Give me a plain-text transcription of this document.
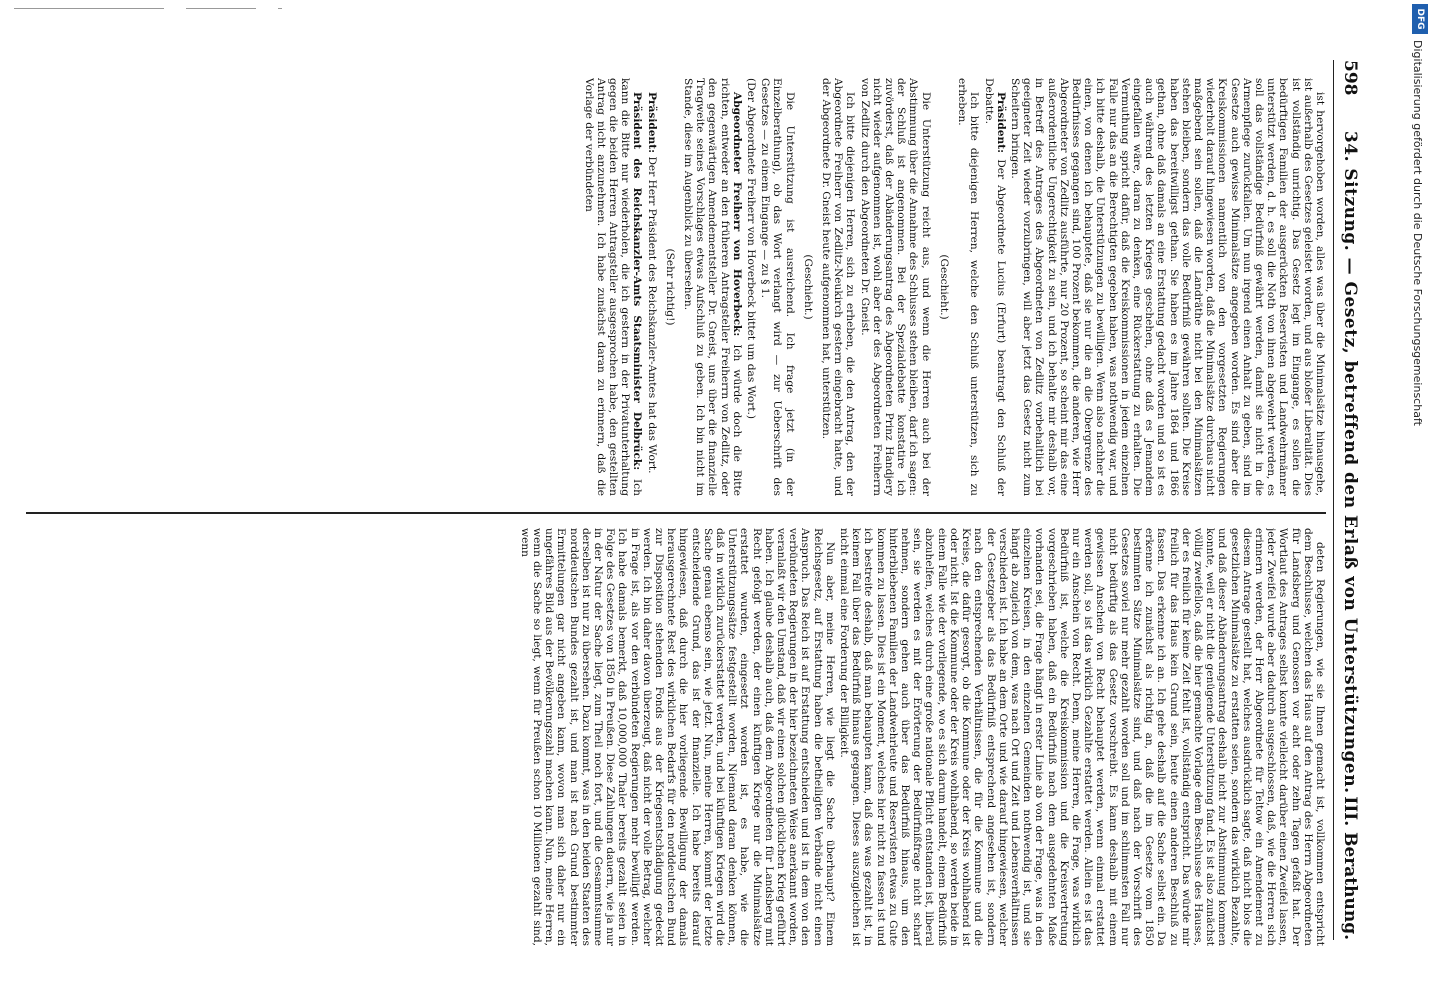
598 34. Sitzung. — Gesetz, betreffend den Erlaß von Unterstützungen.
III. Berathung.

ist hervorgehoben worden, alles was über die Minimalsätze hinausgehe, ist außerhalb des Gesetzes geleistet worden, und aus bloßer Liberalität. Dies ist vollständig unrichtig. Das Gesetz legt im Eingange, es sollen die bedürftigen Familien der ausgerückten Reservisten und Landwehrmänner unterstützt werden, d. h. es soll die Noth von ihnen abgewehrt werden, es soll das vollständige Bedürfniß gewährt werden, damit sie nicht in die Armenpflege zurückfallen. Um nun irgend einen Anhalt zu geben, sind im Gesetze auch gewisse Minimalsätze angegeben worden. Es sind aber die Kreiskommissionen namentlich von den vorgesetzten Regierungen wiederholt darauf hingewiesen worden, daß die Minimalsätze durchaus nicht maßgebend sein sollen, daß die Landräthe nicht bei den Minimalsätzen stehen bleiben, sondern das volle Bedürfniß gewähren sollten. Die Kreise haben das bereitwilligst gethan. Sie haben es im Jahre 1864 und 1866 gethan, ohne daß damals an eine Erstattung gedacht worden und so ist es auch während des letzten Krieges geschehen, ohne daß es Jemandem eingefallen wäre, daran zu denken, eine Rückerstattung zu erhalten. Die Vermuthung spricht dafür, daß die Kreiskommissionen in jedem einzelnen Falle nur das an die Berechtigten gegeben haben, was nothwendig war, und ich bitte deshalb, die Unterstützungen zu bewilligen. Wenn also nachher die einen, von denen ich behauptete, daß sie nur die an die Obergrenze des Bedürfnisses gegangen sind, 100 Prozent bekommen, die anderen, wie Herr Abgeordneter von Zedlitz ausführte, nur 20 Prozent, so scheint mir das eine außerordentliche Ungerechtigkeit zu sein, und ich behalte mir deshalb vor, in Betreff des Antrages des Abgeordneten von Zedlitz vorbehaltlich bei geeigneter Zeit wieder vorzubringen, will aber jetzt das Gesetz nicht zum Scheitern bringen.

Präsident: Der Abgeordnete Lucius (Erfurt) beantragt den Schluß der Debatte.

Ich bitte diejenigen Herren, welche den Schluß unterstützen, sich zu erheben.

(Geschieht.)

Die Unterstützung reicht aus, und wenn die Herren auch bei der Abstimmung über die Annahme des Schlusses stehen bleiben, darf ich sagen: der Schluß ist angenommen. Bei der Spezialdebatte konstatire ich zuvörderst, daß der Abänderungsantrag des Abgeordneten Prinz Handjery nicht wieder aufgenommen ist, wohl aber der des Abgeordneten Freiherrn von Zedlitz durch den Abgeordneten Dr. Gneist.

Ich bitte diejenigen Herren, sich zu erheben, die den Antrag, den der Abgeordnete Freiherr von Zedlitz-Neukirch gestern eingebracht hatte, und der Abgeordnete Dr. Gneist heute aufgenommen hat, unterstützen.

(Geschieht.)

Die Unterstützung ist ausreichend. Ich frage jetzt (in der Einzelberathung), ob das Wort verlangt wird — zur Ueberschrift des Gesetzes — zu einem Eingange — zu § 1.

(Der Abgeordnete Freiherr von Hoverbeck bittet um das Wort.)

Abgeordneter Freiherr von Hoverbeck: Ich würde doch die Bitte richten, entweder an den früheren Antragsteller Freiherrn von Zedlitz, oder den gegenwärtigen Amendementsteller Dr. Gneist, uns über die finanzielle Tragweite seines Vorschlages etwas Aufschluß zu geben. Ich bin nicht im Stande, diese im Augenblick zu übersehen.

(Sehr richtig!)

Präsident: Der Herr Präsident des Reichskanzler-Amtes hat das Wort.

Präsident des Reichskanzler-Amts Staatsminister Delbrück: Ich kann die Bitte nur wiederholen, die ich gestern in der Privatunterhaltung gegen die beiden Herren Antragsteller ausgesprochen habe, den gestellten Antrag nicht anzunehmen. Ich habe zunächst daran zu erinnern, daß die Vorlage der verbündeten

deten Regierungen, wie sie Ihnen gemacht ist, vollkommen entspricht dem Beschlusse, welchen das Haus auf den Antrag des Herrn Abgeordneten für Landsberg und Genossen vor acht oder zehn Tagen gefaßt hat. Der Wortlaut des Antrages selbst konnte vielleicht darüber einen Zweifel lassen, jeder Zweifel wurde aber dadurch ausgeschlossen, daß, wie die Herren sich erinnern werden, der Herr Abgeordnete für Teltow ein Amendement zu diesem Antrage gestellt hat, welches ausdrücklich sagte, daß nicht blos die gesetzlichen Minimalsätze zu erstatten seien, sondern das wirklich Bezahlte, und daß dieser Abänderungsantrag deshalb nicht zur Abstimmung kommen konnte, weil er nicht die genügende Unterstützung fand. Es ist also zunächst völlig zweifellos, daß die hier gemachte Vorlage dem Beschlusse des Hauses, der es freilich für keine Zeit fehlt ist, vollständig entspricht. Das würde mir freilich für das Haus kein Grund sein, heute einen anderen Beschluß zu fassen. Das erkenne ich an. Ich gehe deshalb auf die Sache selbst ein. Da erkenne ich zunächst als richtig an, daß die im Gesetze vom 1850 bestimmten Sätze Minimalsätze sind, und daß nach der Vorschrift des Gesetzes soviel nur mehr gezahlt worden soll und im schlimmsten Fall nur nicht bedürftig als das Gesetz vorschreibt. Es kann deshalb mit einem gewissen Anschein von Recht behauptet werden, wenn einmal erstattet werden soll, so ist das wirklich Gezahlte erstattet werden. Allein es ist das nur ein Anschein von Recht. Denn, meine Herren, die Frage, was wirklich Bedürfniß ist, welche die Kreiskommission und die Kreisvertretung vorgeschrieben haben, daß ein Bedürfniß nach dem ausgedehnten Maße vorhanden sei, die Frage hängt in erster Linie ab von der Frage, was in den einzelnen Kreisen, in den einzelnen Gemeinden nothwendig ist, und sie hängt ab zugleich von dem, was nach Ort und Zeit und Lebensverhältnissen verschieden ist. Ich habe an dem Orte und wie darauf hingewiesen, welcher der Gesetzgeber als das Bedürfniß entsprechend angesehen ist, sondern nach den entsprechenden Verhältnissen, die für die Kommune und die Kreise, die dafür gesorgt, ob die Kommune oder der Kreis wohlhabend ist oder nicht. Ist die Kommune oder der Kreis wohlhabend, so werden beide in einem Falle wie der vorliegende, wo es sich darum handelt, einem Bedürfniß abzuhelfen, welches durch eine große nationale Pflicht entstanden ist, liberal sein, sie werden es mit der Erörterung der Bedürfnißfrage nicht scharf nehmen, sondern gehen auch über das Bedürfniß hinaus, um den hinterbliebenen Familien der Landwehrleute und Reservisten etwas zu Gute kommen zu lassen. Dies ist ein Moment, welches hier nicht zu fassen ist und ich bestreite deshalb, daß man behaupten kann, daß das was gezahlt ist, in keinem Fall über das Bedürfniß hinaus gegangen. Dieses auszugleichen ist nicht einmal eine Forderung der Billigkeit.

Nun aber, meine Herren, wie liegt die Sache überhaupt? Einem Reichsgesetz, auf Erstattung haben die betheiligten Verbände nicht einen Anspruch. Das Reich ist auf Erstattung entschieden und ist in dem von den verbündeten Regierungen in der hier bezeichneten Weise anerkannt worden, veranlaßt wir den Umstand, daß wir einen solchen glücklichen Krieg geführt haben. Ich glaube deshalb auch, daß dem Abgeordneten für Landsberg mit Recht gefolgt werden, der einen künftigen Kriege nur die Minimalsätze erstattet wurden, eingesetzt worden ist, es habe, wie die Unterstützungssätze festgestellt worden, Niemand daran denken können, daß in wirklich zurückerstattet werden, und bei künftigen Kriegen wird die Sache genau ebenso sein, wie jetzt. Nun, meine Herren, kommt der letzte entscheidende Grund, das ist der finanzielle. Ich habe bereits darauf hingewiesen, daß durch die hier vorliegende Bewilligung der damals herausgerechnete Rest des wirklichen Bedarfs für den norddeutschen Bund zur Disposition stehenden Fonds aus der Kriegsentschädigung gedeckt werden. Ich bin daher davon überzeugt, daß nicht der volle Betrag, welcher in Frage ist, als vor den verbündeten Regierungen mehr bewilligt werden. Ich habe damals bemerkt, daß 10,000,000 Thaler bereits gezahlt seien in Folge des Gesetzes von 1850 in Preußen. Diese Zahlungen dauern, wie ja nur in der Natur der Sache liegt, zum Theil noch fort, und die Gesammtsumme derselben ist nur zu übersehen. Dazu kommt, was in den beiden Staaten des norddeutschen Bundes gezahlt ist, und man ist nach Grund bestimmter Ermittelungen gar nicht angeben kann, wovon man sich daher nur ein ungefähres Bild aus der Bevölkerungszahl machen kann. Nun, meine Herren, wenn die Sache so liegt, wenn für Preußen schon 10 Millionen gezahlt sind, wenn

Digitalisierung gefördert durch die Deutsche Forschungsgemeinschaft
DFG
